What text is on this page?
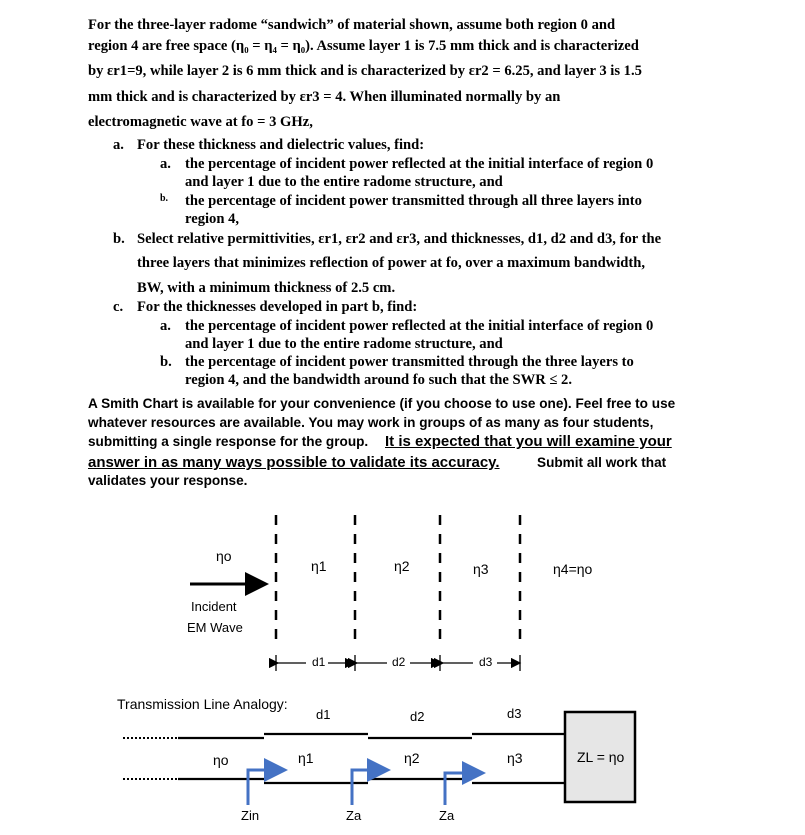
For the three-layer radome “sandwich” of material shown, assume both region 0 and
region 4 are free space (η₀ = η₄ = η₀). Assume layer 1 is 7.5 mm thick and is characterized
by εr1=9, while layer 2 is 6 mm thick and is characterized by εr2 = 6.25, and layer 3 is 1.5
mm thick and is characterized by εr3 = 4. When illuminated normally by an
electromagnetic wave at fo = 3 GHz,
a. For these thickness and dielectric values, find:
a. the percentage of incident power reflected at the initial interface of region 0
and layer 1 due to the entire radome structure, and
b. the percentage of incident power transmitted through all three layers into
region 4,
b. Select relative permittivities, εr1, εr2 and εr3, and thicknesses, d1, d2 and d3, for the
three layers that minimizes reflection of power at fo, over a maximum bandwidth,
BW, with a minimum thickness of 2.5 cm.
c. For the thicknesses developed in part b, find:
a. the percentage of incident power reflected at the initial interface of region 0
and layer 1 due to the entire radome structure, and
b. the percentage of incident power transmitted through the three layers to
region 4, and the bandwidth around fo such that the SWR ≤ 2.
A Smith Chart is available for your convenience (if you choose to use one). Feel free to use
whatever resources are available. You may work in groups of as many as four students,
submitting a single response for the group. It is expected that you will examine your
answer in as many ways possible to validate its accuracy.	Submit all work that
validates your response.
ηo
η1	η2	η3	η4=ηo
Incident
EM Wave
d1	d2	d3
Transmission Line Analogy:
d1	d2	d3
ηo	η1	η2	η3	ZL = ηo
Zin	Za	Za
